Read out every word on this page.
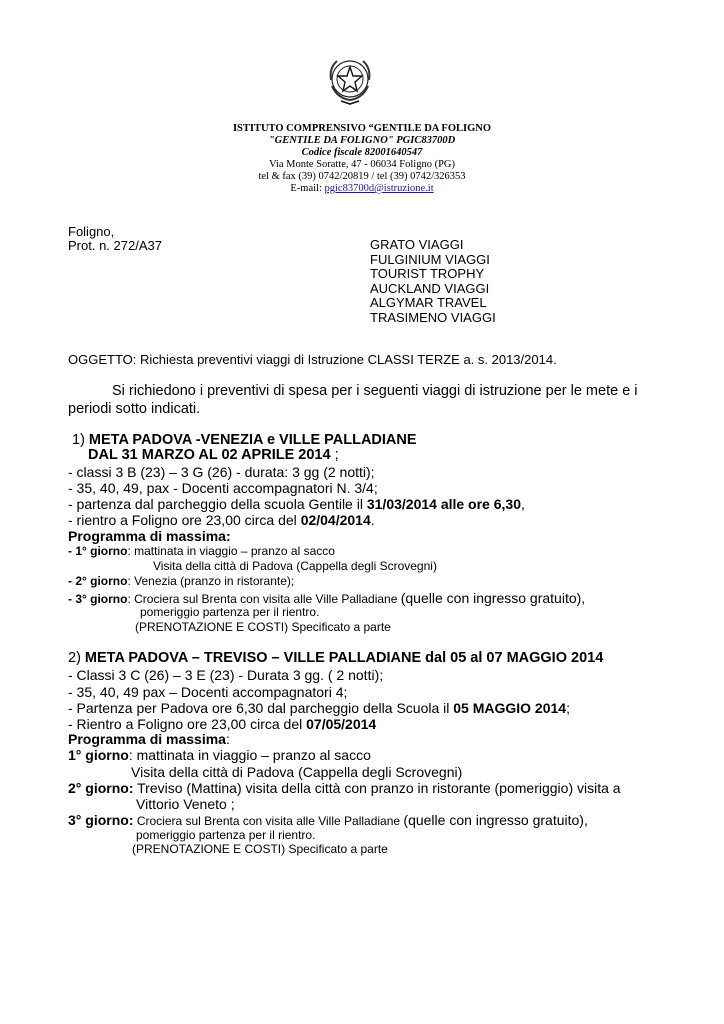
ISTITUTO COMPRENSIVO “GENTILE DA FOLIGNO
"GENTILE DA FOLIGNO" PGIC83700D
Codice fiscale 82001640547
Via Monte Soratte, 47 - 06034 Foligno (PG)
tel & fax (39) 0742/20819 / tel (39) 0742/326353
E-mail: pgic83700d@istruzione.it
Foligno,
Prot. n. 272/A37	GRATO VIAGGI
FULGINIUM VIAGGI
TOURIST TROPHY
AUCKLAND VIAGGI
ALGYMAR TRAVEL
TRASIMENO VIAGGI
OGGETTO: Richiesta preventivi viaggi di Istruzione CLASSI TERZE a. s. 2013/2014.
Si richiedono i preventivi di spesa per i seguenti viaggi di istruzione per le mete e i
periodi sotto indicati.
1) META PADOVA -VENEZIA e VILLE PALLADIANE
DAL 31 MARZO AL 02 APRILE 2014 ;
- classi 3 B (23) – 3 G (26) - durata: 3 gg (2 notti);
- 35, 40, 49, pax - Docenti accompagnatori N. 3/4;
- partenza dal parcheggio della scuola Gentile il 31/03/2014 alle ore 6,30,
- rientro a Foligno ore 23,00 circa del 02/04/2014.
Programma di massima:
- 1° giorno: mattinata in viaggio – pranzo al sacco
Visita della città di Padova (Cappella degli Scrovegni)
- 2° giorno: Venezia (pranzo in ristorante);
- 3° giorno: Crociera sul Brenta con visita alle Ville Palladiane (quelle con ingresso gratuito),
pomeriggio partenza per il rientro.
(PRENOTAZIONE E COSTI) Specificato a parte
2) META PADOVA – TREVISO – VILLE PALLADIANE dal 05 al 07 MAGGIO 2014
- Classi 3 C (26) – 3 E (23) - Durata 3 gg. ( 2 notti);
- 35, 40, 49 pax – Docenti accompagnatori 4;
- Partenza per Padova ore 6,30 dal parcheggio della Scuola il 05 MAGGIO 2014;
- Rientro a Foligno ore 23,00 circa del 07/05/2014
Programma di massima:
1° giorno: mattinata in viaggio – pranzo al sacco
Visita della città di Padova (Cappella degli Scrovegni)
2° giorno: Treviso (Mattina) visita della città con pranzo in ristorante (pomeriggio) visita a
Vittorio Veneto ;
3° giorno: Crociera sul Brenta con visita alle Ville Palladiane (quelle con ingresso gratuito),
pomeriggio partenza per il rientro.
(PRENOTAZIONE E COSTI) Specificato a parte
